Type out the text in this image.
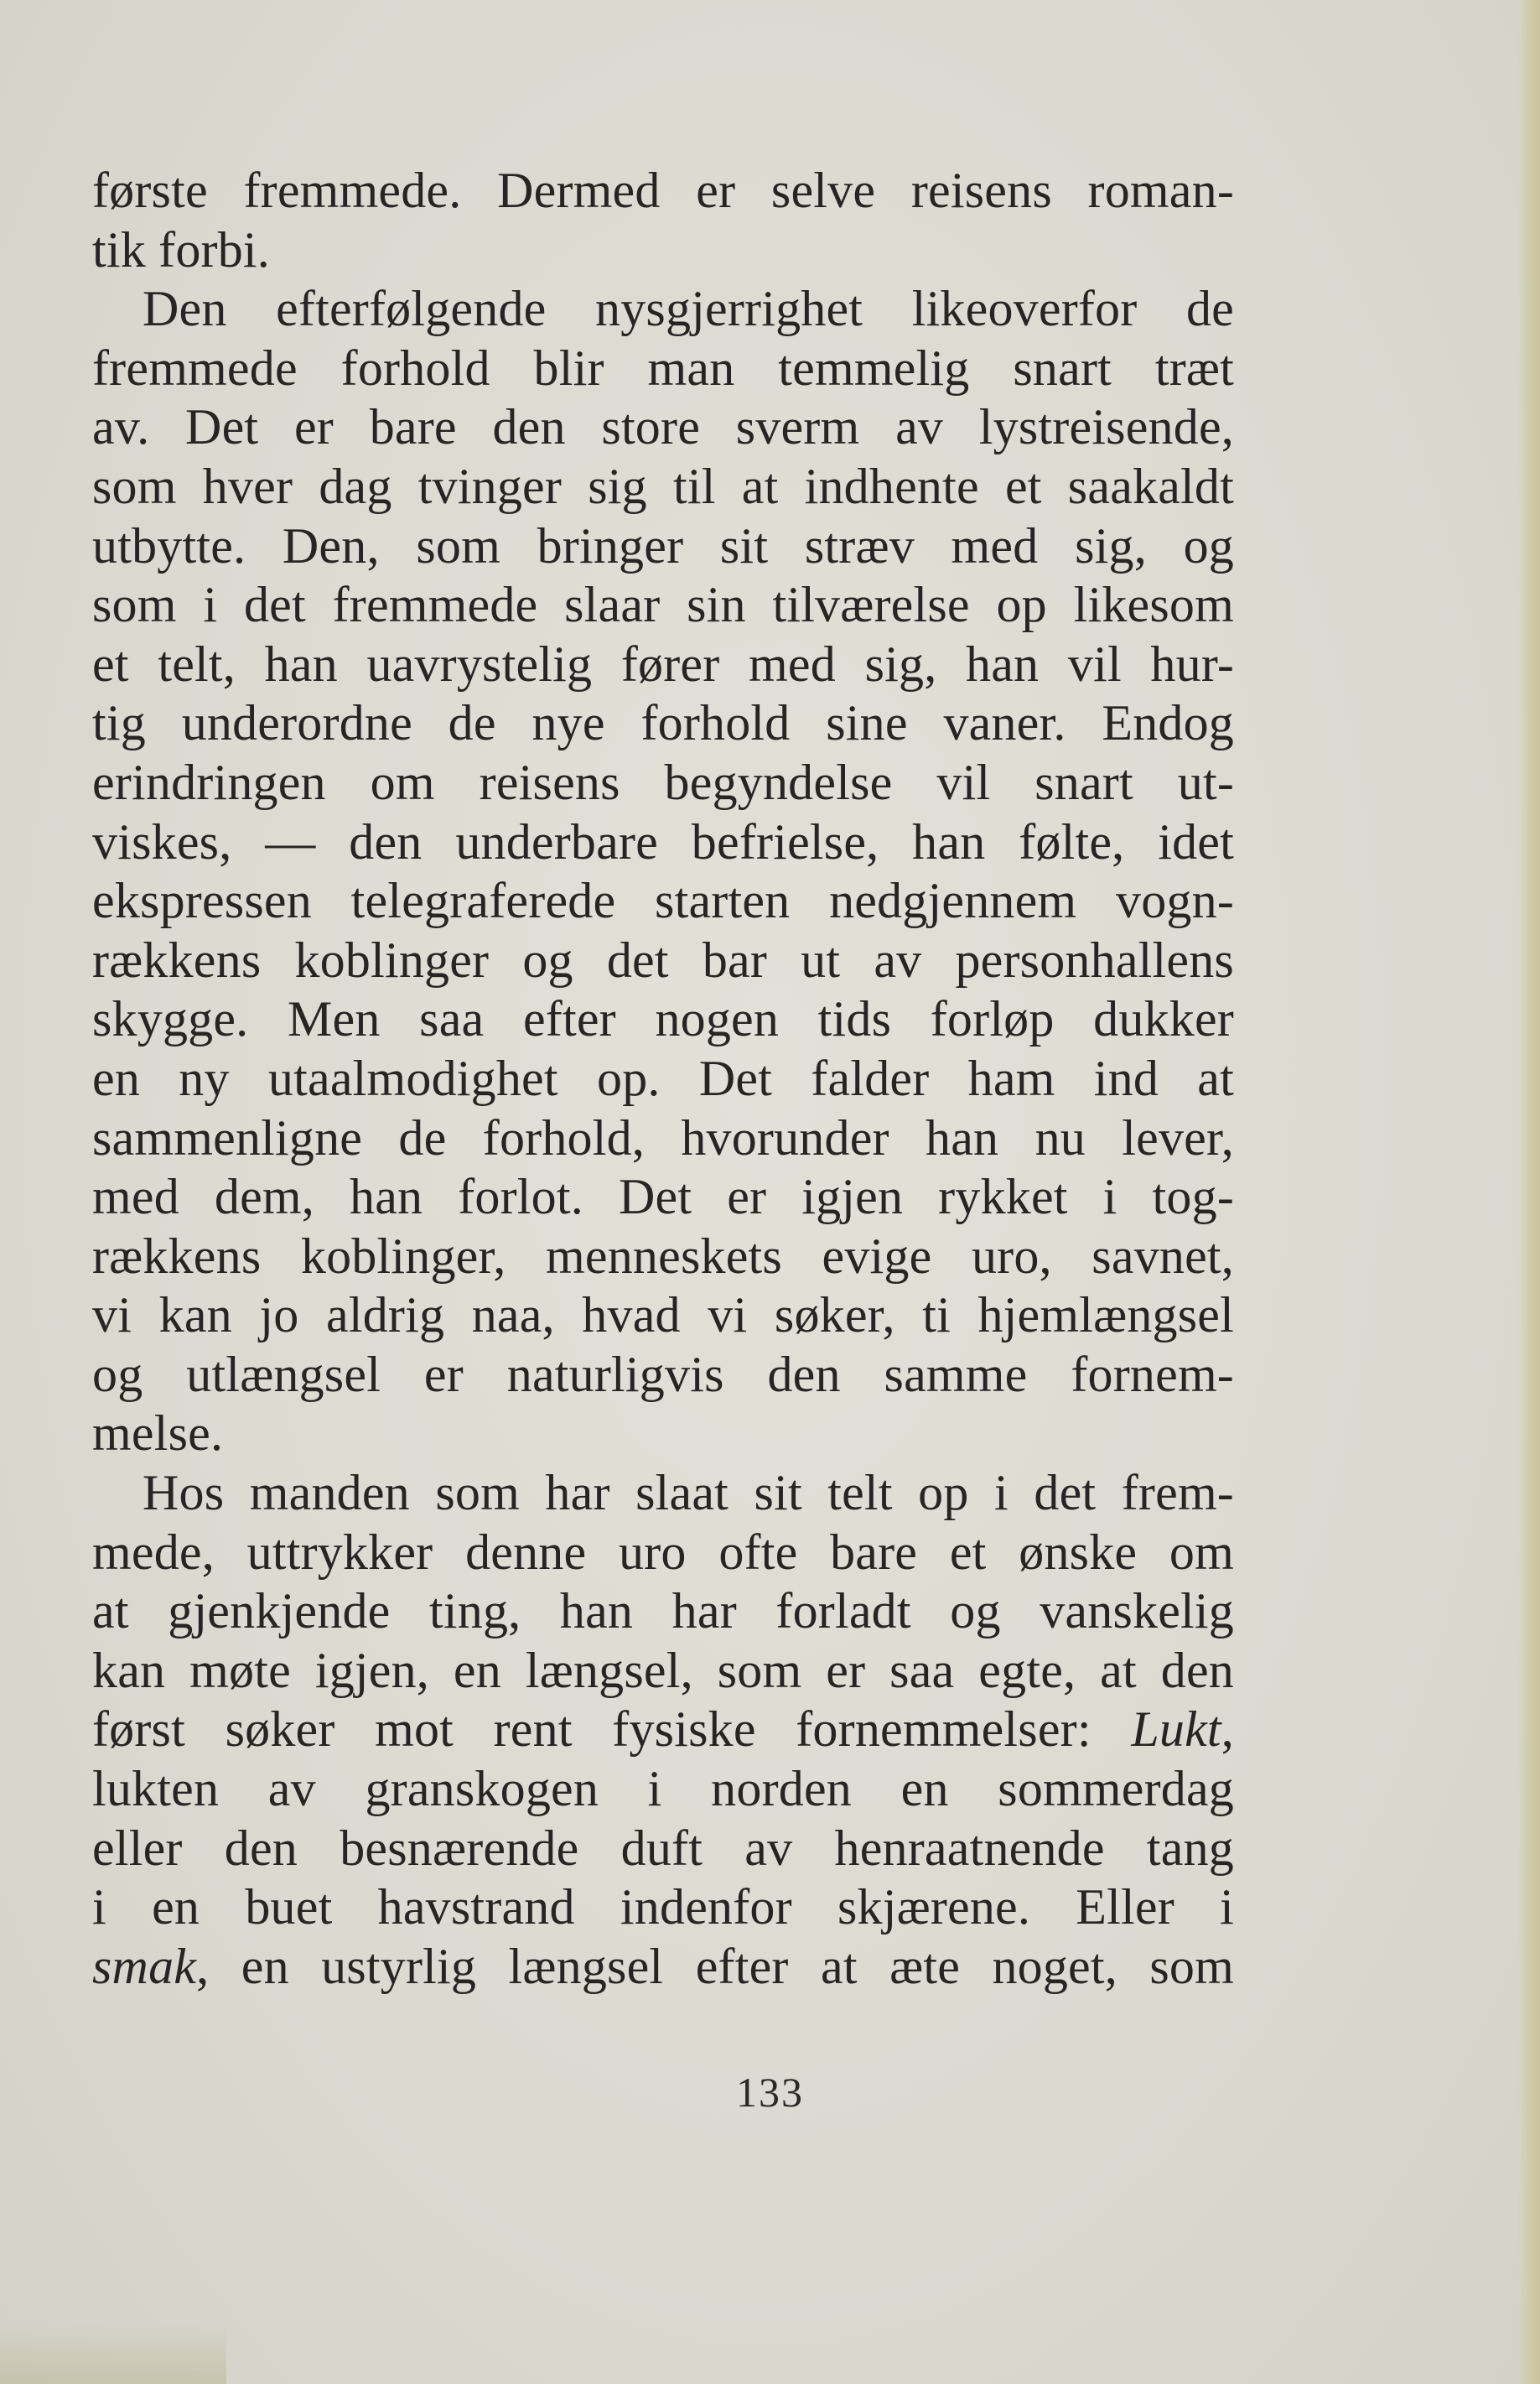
første fremmede. Dermed er selve reisens roman-
tik forbi.
Den efterfølgende nysgjerrighet likeoverfor de
fremmede forhold blir man temmelig snart træt
av. Det er bare den store sverm av lystreisende,
som hver dag tvinger sig til at indhente et saakaldt
utbytte. Den, som bringer sit stræv med sig, og
som i det fremmede slaar sin tilværelse op likesom
et telt, han uavrystelig fører med sig, han vil hur-
tig underordne de nye forhold sine vaner. Endog
erindringen om reisens begyndelse vil snart ut-
viskes, — den underbare befrielse, han følte, idet
ekspressen telegraferede starten nedgjennem vogn-
rækkens koblinger og det bar ut av personhallens
skygge. Men saa efter nogen tids forløp dukker
en ny utaalmodighet op. Det falder ham ind at
sammenligne de forhold, hvorunder han nu lever,
med dem, han forlot. Det er igjen rykket i tog-
rækkens koblinger, menneskets evige uro, savnet,
vi kan jo aldrig naa, hvad vi søker, ti hjemlængsel
og utlængsel er naturligvis den samme fornem-
melse.
Hos manden som har slaat sit telt op i det frem-
mede, uttrykker denne uro ofte bare et ønske om
at gjenkjende ting, han har forladt og vanskelig
kan møte igjen, en længsel, som er saa egte, at den
først søker mot rent fysiske fornemmelser: Lukt,
lukten av granskogen i norden en sommerdag
eller den besnærende duft av henraatnende tang
i en buet havstrand indenfor skjærene. Eller i
smak, en ustyrlig længsel efter at æte noget, som
133
